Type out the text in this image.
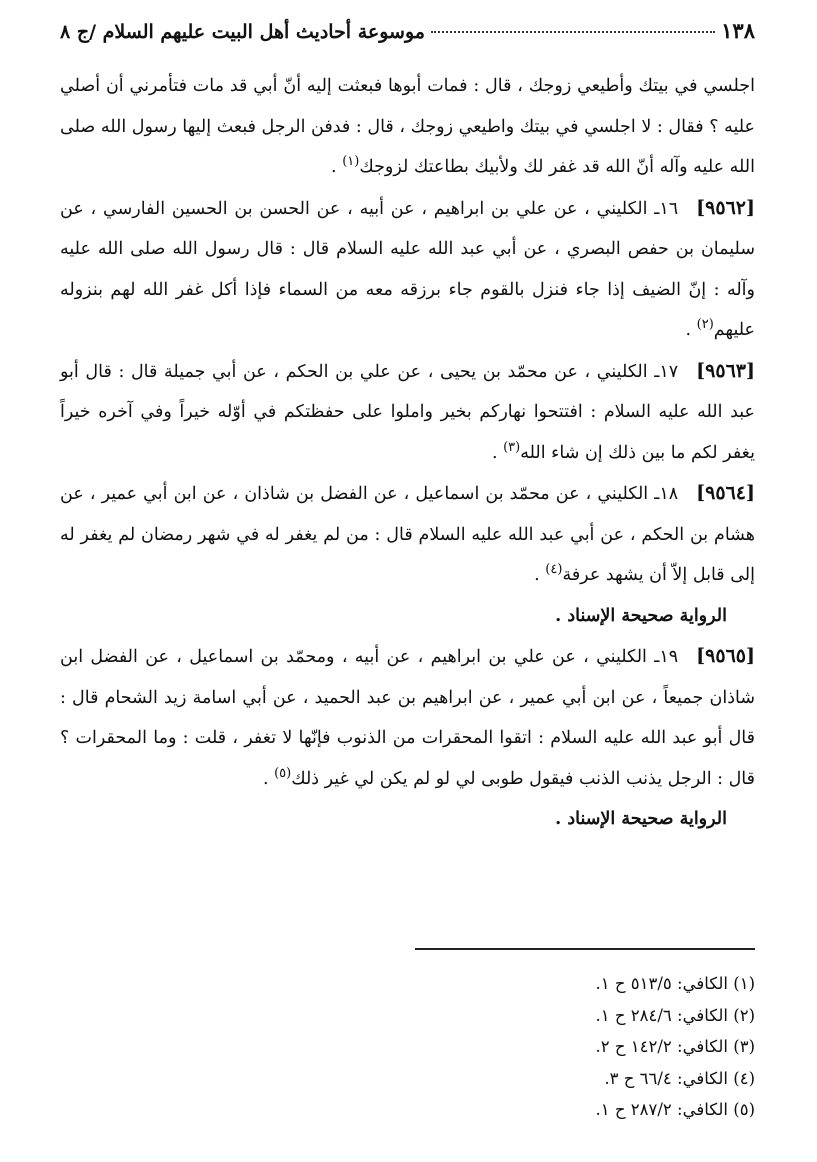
١٣٨
موسوعة أحاديث أهل البيت عليهم السلام /ج ٨

اجلسي في بيتك وأطيعي زوجك ، قال : فمات أبوها فبعثت إليه أنّ أبي قد مات فتأمرني أن أصلي عليه ؟ فقال : لا اجلسي في بيتك واطيعي زوجك ، قال : فدفن الرجل فبعث إليها رسول الله صلى الله عليه وآله أنّ الله قد غفر لك ولأبيك بطاعتك لزوجك$^{(١)}$ .

[٩٥٦٢]١٦ـ الكليني ، عن علي بن ابراهيم ، عن أبيه ، عن الحسن بن الحسين الفارسي ، عن سليمان بن حفص البصري ، عن أبي عبد الله عليه السلام قال : قال رسول الله صلى الله عليه وآله : إنّ الضيف إذا جاء فنزل بالقوم جاء برزقه معه من السماء فإذا أكل غفر الله لهم بنزوله عليهم$^{(٢)}$ .

[٩٥٦٣]١٧ـ الكليني ، عن محمّد بن يحيى ، عن علي بن الحكم ، عن أبي جميلة قال : قال أبو عبد الله عليه السلام : افتتحوا نهاركم بخير واملوا على حفظتكم في أوّله خيراً وفي آخره خيراً يغفر لكم ما بين ذلك إن شاء الله$^{(٣)}$ .

[٩٥٦٤]١٨ـ الكليني ، عن محمّد بن اسماعيل ، عن الفضل بن شاذان ، عن ابن أبي عمير ، عن هشام بن الحكم ، عن أبي عبد الله عليه السلام قال : من لم يغفر له في شهر رمضان لم يغفر له إلى قابل إلاّ أن يشهد عرفة$^{(٤)}$ .

الرواية صحيحة الإسناد .

[٩٥٦٥]١٩ـ الكليني ، عن علي بن ابراهيم ، عن أبيه ، ومحمّد بن اسماعيل ، عن الفضل ابن شاذان جميعاً ، عن ابن أبي عمير ، عن ابراهيم بن عبد الحميد ، عن أبي اسامة زيد الشحام قال : قال أبو عبد الله عليه السلام : اتقوا المحقرات من الذنوب فإنّها لا تغفر ، قلت : وما المحقرات ؟ قال : الرجل يذنب الذنب فيقول طوبى لي لو لم يكن لي غير ذلك$^{(٥)}$ .

الرواية صحيحة الإسناد .

(١) الكافي: ٥١٣/٥ ح ١.
(٢) الكافي: ٢٨٤/٦ ح ١.
(٣) الكافي: ١٤٢/٢ ح ٢.
(٤) الكافي: ٦٦/٤ ح ٣.
(٥) الكافي: ٢٨٧/٢ ح ١.
